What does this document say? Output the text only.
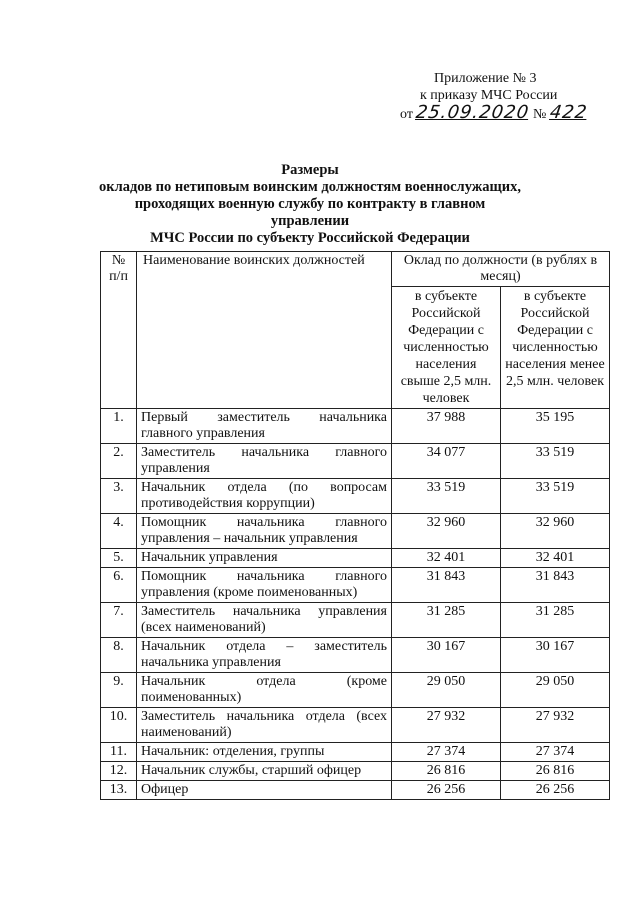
Приложение № 3
к приказу МЧС России
от 25.09.2020 № 422
Размеры
окладов по нетиповым воинским должностям военнослужащих,
проходящих военную службу по контракту в главном управлении
МЧС России по субъекту Российской Федерации
№ п/п	Наименование воинских должностей	Оклад по должности (в рублях в месяц)	
		в субъекте Российской Федерации с численностью населения свыше 2,5 млн. человек	в субъекте Российской Федерации с численностью населения менее 2,5 млн. человек
1.	Первый заместитель начальника главного управления	37 988	35 195
2.	Заместитель начальника главного управления	34 077	33 519
3.	Начальник отдела (по вопросам противодействия коррупции)	33 519	33 519
4.	Помощник начальника главного управления – начальник управления	32 960	32 960
5.	Начальник управления	32 401	32 401
6.	Помощник начальника главного управления (кроме поименованных)	31 843	31 843
7.	Заместитель начальника управления (всех наименований)	31 285	31 285
8.	Начальник отдела – заместитель начальника управления	30 167	30 167
9.	Начальник отдела (кроме поименованных)	29 050	29 050
10.	Заместитель начальника отдела (всех наименований)	27 932	27 932
11.	Начальник: отделения, группы	27 374	27 374
12.	Начальник службы, старший офицер	26 816	26 816
13.	Офицер	26 256	26 256
